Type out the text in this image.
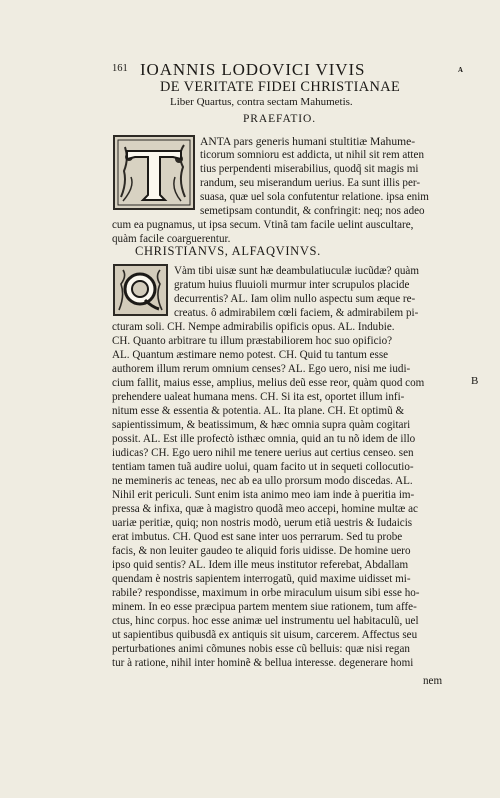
161 IOANNIS LODOVICI VIVIS	A
DE VERITATE FIDEI CHRISTIANAE
Liber Quartus, contra sectam Mahumetis.
PRAEFATIO.
ANTA pars generis humani stultitiæ Mahume-
ticorum somnioru est addicta, ut nihil sit rem atten
tius perpendenti miserabilius, quodq̃ sit magis mi
randum, seu miserandum uerius. Ea sunt illis per-
suasa, quæ uel sola confutentur relatione. ipsa enim
semetipsam contundit, & confringit: neq; nos adeo
cum ea pugnamus, ut ipsa secum. Vtinã tam facile uelint auscultare,
quàm facile coarguerentur.
CHRISTIANVS, ALFAQVINVS.
B
Vàm tibi uisæ sunt hæ deambulatiuculæ iucũdæ? quàm
gratum huius fluuioli murmur inter scrupulos placide
decurrentis? AL. Iam olim nullo aspectu sum æque re-
creatus. ô admirabilem cœli faciem, & admirabilem pi-
cturam soli. CH. Nempe admirabilis opificis opus. AL. Indubie.
CH. Quanto arbitrare tu illum præstabiliorem hoc suo opificio?
AL. Quantum æstimare nemo potest. CH. Quid tu tantum esse
authorem illum rerum omnium censes? AL. Ego uero, nisi me iudi-
cium fallit, maius esse, amplius, melius deũ esse reor, quàm quod com
prehendere ualeat humana mens. CH. Si ita est, oportet illum infi-
nitum esse & essentia & potentia. AL. Ita plane. CH. Et optimũ &
sapientissimum, & beatissimum, & hæc omnia supra quàm cogitari
possit. AL. Est ille profectò isthæc omnia, quid an tu nõ idem de illo
iudicas? CH. Ego uero nihil me tenere uerius aut certius censeo. sen
tentiam tamen tuã audire uolui, quam facito ut in sequeti collocutio-
ne memineris ac teneas, nec ab ea ullo prorsum modo discedas. AL.
Nihil erit periculi. Sunt enim ista animo meo iam inde à pueritia im-
pressa & infixa, quæ à magistro quodã meo accepi, homine multæ ac
uariæ peritiæ, quiq; non nostris modò, uerum etiã uestris & Iudaicis
erat imbutus. CH. Quod est sane inter uos perrarum. Sed tu probe
facis, & non leuiter gaudeo te aliquid foris uidisse. De homine uero
ipso quid sentis? AL. Idem ille meus institutor referebat, Abdallam
quendam è nostris sapientem interrogatũ, quid maxime uidisset mi-
rabile? respondisse, maximum in orbe miraculum uisum sibi esse ho-
minem. In eo esse præcipua partem mentem siue rationem, tum affe-
ctus, hinc corpus. hoc esse animæ uel instrumentu uel habitaculũ, uel
ut sapientibus quibusdã ex antiquis sit uisum, carcerem. Affectus seu
perturbationes animi cõmunes nobis esse cũ belluis: quæ nisi regan
tur à ratione, nihil inter hominẽ & bellua interesse. degenerare homi
nem
